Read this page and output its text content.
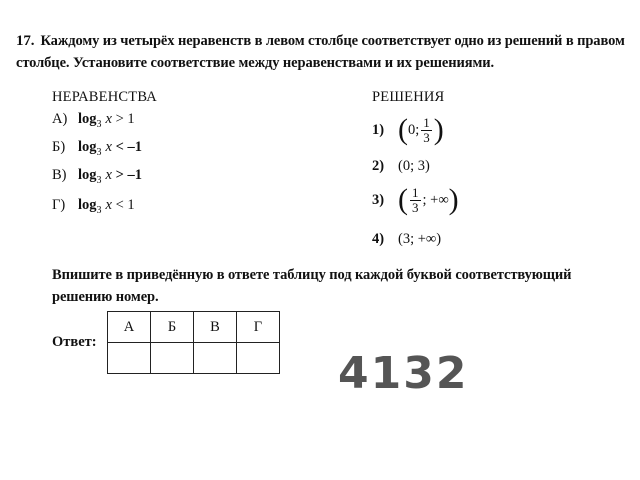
17. Каждому из четырёх неравенств в левом столбце соответствует одно из решений в правом столбце. Установите соответствие между неравенствами и их решениями.
НЕРАВЕНСТВА
А) $\log_3 x > 1$
Б) $\log_3 x < -1$
В) $\log_3 x > -1$
Г) $\log_3 x < 1$
РЕШЕНИЯ
1) ( 0; $\frac{1}{3}$ )
2) (0; 3)
3) ( $\frac{1}{3}$ ; +∞ )
4) (3; +∞)
Впишите в приведённую в ответе таблицу под каждой буквой соответствующий решению номер.
Ответ:
А	Б	В	Г

4132
